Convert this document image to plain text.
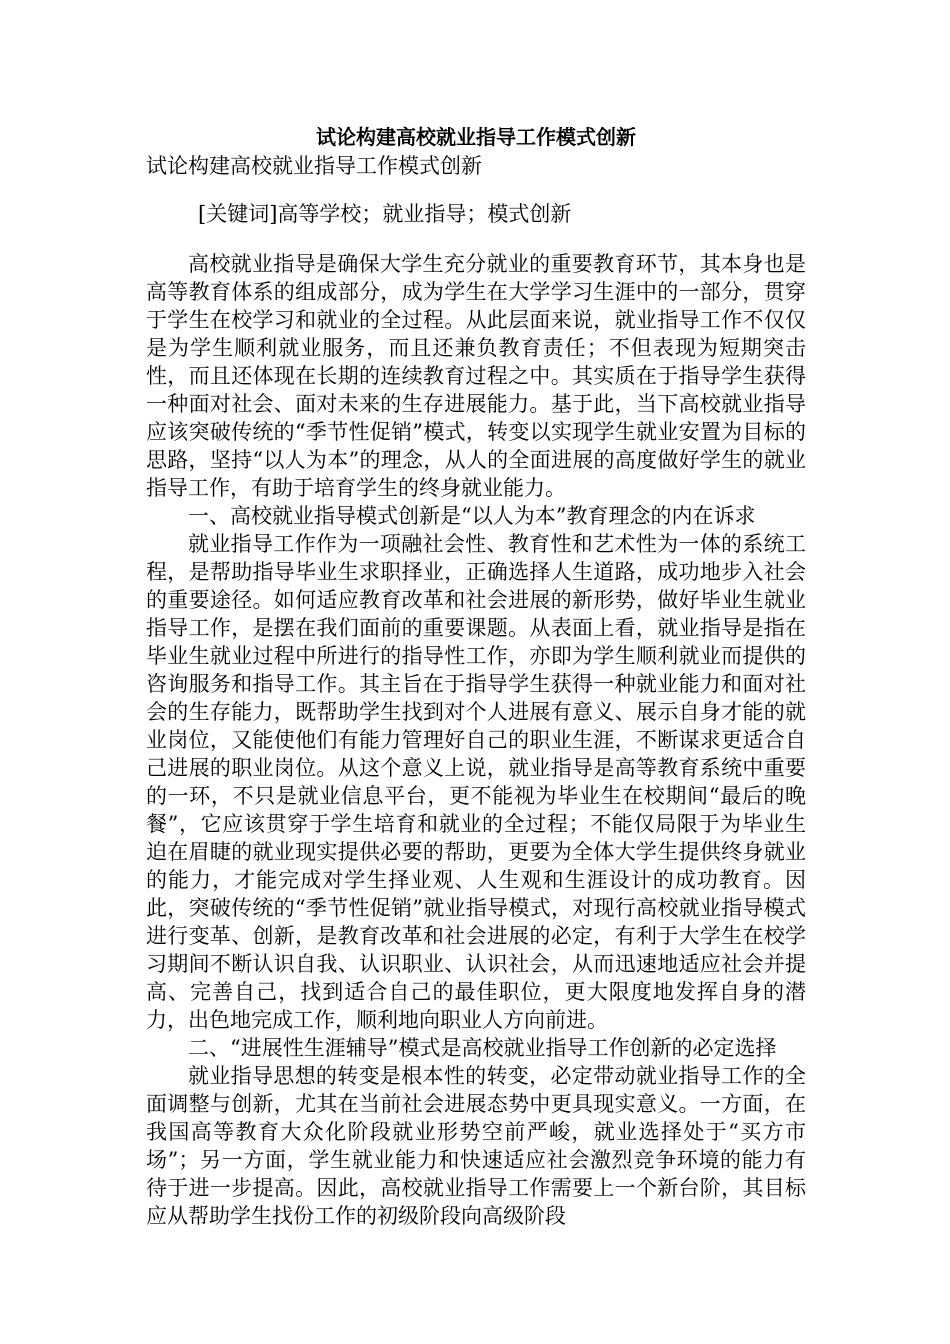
试论构建高校就业指导工作模式创新

试论构建高校就业指导工作模式创新

[关键词]高等学校；就业指导；模式创新

高校就业指导是确保大学生充分就业的重要教育环节，其本身也是高等教育体系的组成部分，成为学生在大学学习生涯中的一部分，贯穿于学生在校学习和就业的全过程。从此层面来说，就业指导工作不仅仅是为学生顺利就业服务，而且还兼负教育责任；不但表现为短期突击性，而且还体现在长期的连续教育过程之中。其实质在于指导学生获得一种面对社会、面对未来的生存进展能力。基于此，当下高校就业指导应该突破传统的“季节性促销”模式，转变以实现学生就业安置为目标的思路，坚持“以人为本”的理念，从人的全面进展的高度做好学生的就业指导工作，有助于培育学生的终身就业能力。

一、高校就业指导模式创新是“以人为本”教育理念的内在诉求

就业指导工作作为一项融社会性、教育性和艺术性为一体的系统工程，是帮助指导毕业生求职择业，正确选择人生道路，成功地步入社会的重要途径。如何适应教育改革和社会进展的新形势，做好毕业生就业指导工作，是摆在我们面前的重要课题。从表面上看，就业指导是指在毕业生就业过程中所进行的指导性工作，亦即为学生顺利就业而提供的咨询服务和指导工作。其主旨在于指导学生获得一种就业能力和面对社会的生存能力，既帮助学生找到对个人进展有意义、展示自身才能的就业岗位，又能使他们有能力管理好自己的职业生涯，不断谋求更适合自己进展的职业岗位。从这个意义上说，就业指导是高等教育系统中重要的一环，不只是就业信息平台，更不能视为毕业生在校期间“最后的晚餐”，它应该贯穿于学生培育和就业的全过程；不能仅局限于为毕业生迫在眉睫的就业现实提供必要的帮助，更要为全体大学生提供终身就业的能力，才能完成对学生择业观、人生观和生涯设计的成功教育。因此，突破传统的“季节性促销”就业指导模式，对现行高校就业指导模式进行变革、创新，是教育改革和社会进展的必定，有利于大学生在校学习期间不断认识自我、认识职业、认识社会，从而迅速地适应社会并提高、完善自己，找到适合自己的最佳职位，更大限度地发挥自身的潜力，出色地完成工作，顺利地向职业人方向前进。

二、“进展性生涯辅导”模式是高校就业指导工作创新的必定选择

就业指导思想的转变是根本性的转变，必定带动就业指导工作的全面调整与创新，尤其在当前社会进展态势中更具现实意义。一方面，在我国高等教育大众化阶段就业形势空前严峻，就业选择处于“买方市场”；另一方面，学生就业能力和快速适应社会激烈竞争环境的能力有待于进一步提高。因此，高校就业指导工作需要上一个新台阶，其目标应从帮助学生找份工作的初级阶段向高级阶段
